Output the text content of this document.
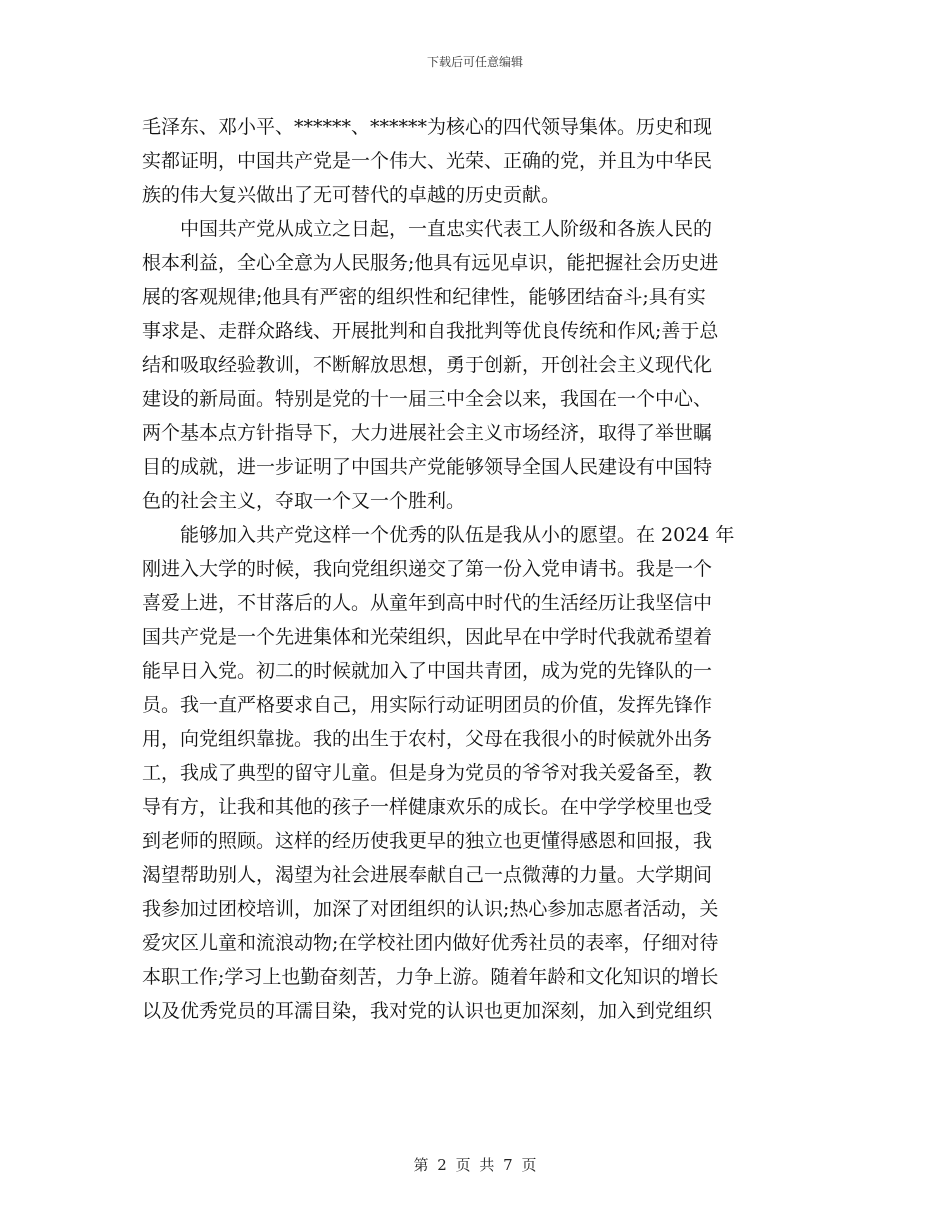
下载后可任意编辑
毛泽东、邓小平、******、******为核心的四代领导集体。历史和现
实都证明，中国共产党是一个伟大、光荣、正确的党，并且为中华民
族的伟大复兴做出了无可替代的卓越的历史贡献。
　　中国共产党从成立之日起，一直忠实代表工人阶级和各族人民的
根本利益，全心全意为人民服务;他具有远见卓识，能把握社会历史进
展的客观规律;他具有严密的组织性和纪律性，能够团结奋斗;具有实
事求是、走群众路线、开展批判和自我批判等优良传统和作风;善于总
结和吸取经验教训，不断解放思想，勇于创新，开创社会主义现代化
建设的新局面。特别是党的十一届三中全会以来，我国在一个中心、
两个基本点方针指导下，大力进展社会主义市场经济，取得了举世瞩
目的成就，进一步证明了中国共产党能够领导全国人民建设有中国特
色的社会主义，夺取一个又一个胜利。
　　能够加入共产党这样一个优秀的队伍是我从小的愿望。在 2024 年
刚进入大学的时候，我向党组织递交了第一份入党申请书。我是一个
喜爱上进，不甘落后的人。从童年到高中时代的生活经历让我坚信中
国共产党是一个先进集体和光荣组织，因此早在中学时代我就希望着
能早日入党。初二的时候就加入了中国共青团，成为党的先锋队的一
员。我一直严格要求自己，用实际行动证明团员的价值，发挥先锋作
用，向党组织靠拢。我的出生于农村，父母在我很小的时候就外出务
工，我成了典型的留守儿童。但是身为党员的爷爷对我关爱备至，教
导有方，让我和其他的孩子一样健康欢乐的成长。在中学学校里也受
到老师的照顾。这样的经历使我更早的独立也更懂得感恩和回报，我
渴望帮助别人，渴望为社会进展奉献自己一点微薄的力量。大学期间
我参加过团校培训，加深了对团组织的认识;热心参加志愿者活动，关
爱灾区儿童和流浪动物;在学校社团内做好优秀社员的表率，仔细对待
本职工作;学习上也勤奋刻苦，力争上游。随着年龄和文化知识的增长
以及优秀党员的耳濡目染，我对党的认识也更加深刻，加入到党组织
第 2 页 共 7 页
